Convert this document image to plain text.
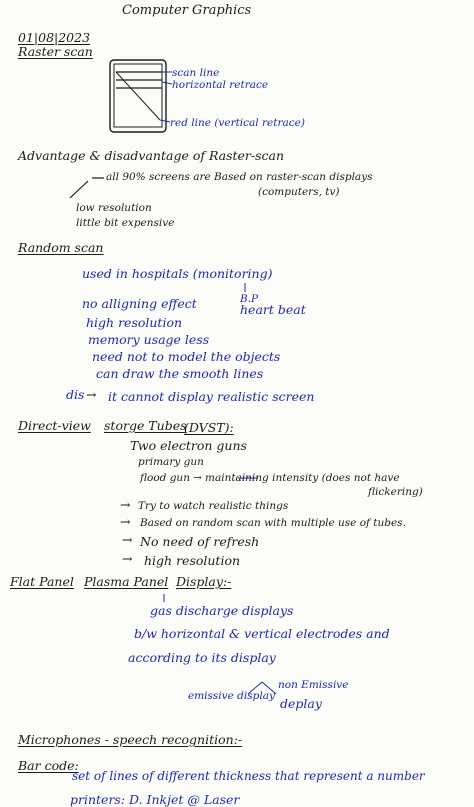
Computer Graphics
01|08|2023
Raster scan
scan line
horizontal retrace
red line (vertical retrace)
Advantage & disadvantage of Raster-scan
all 90% screens are Based on raster-scan displays
(computers, tv)
low resolution
little bit expensive
Random scan
used in hospitals (monitoring)
B.P
heart beat
no alligning effect
high resolution
memory usage less
need not to model the objects
can draw the smooth lines
dis → it cannot display realistic screen
Direct-view storge Tubes
(DVST):
Two electron guns
primary gun
flood gun → maintaining intensity (does not have
flickering)
→ Try to watch realistic things
→ Based on random scan with multiple use of tubes.
→ No need of refresh
→ high resolution
Flat Panel Plasma Panel Display:-
gas discharge displays
b/w horizontal & vertical electrodes and
according to its display
emissive display
non Emissive
deplay
Microphones - speech recognition:-
Bar code:
set of lines of different thickness that represent a number
printers: D. Inkjet @ Laser
